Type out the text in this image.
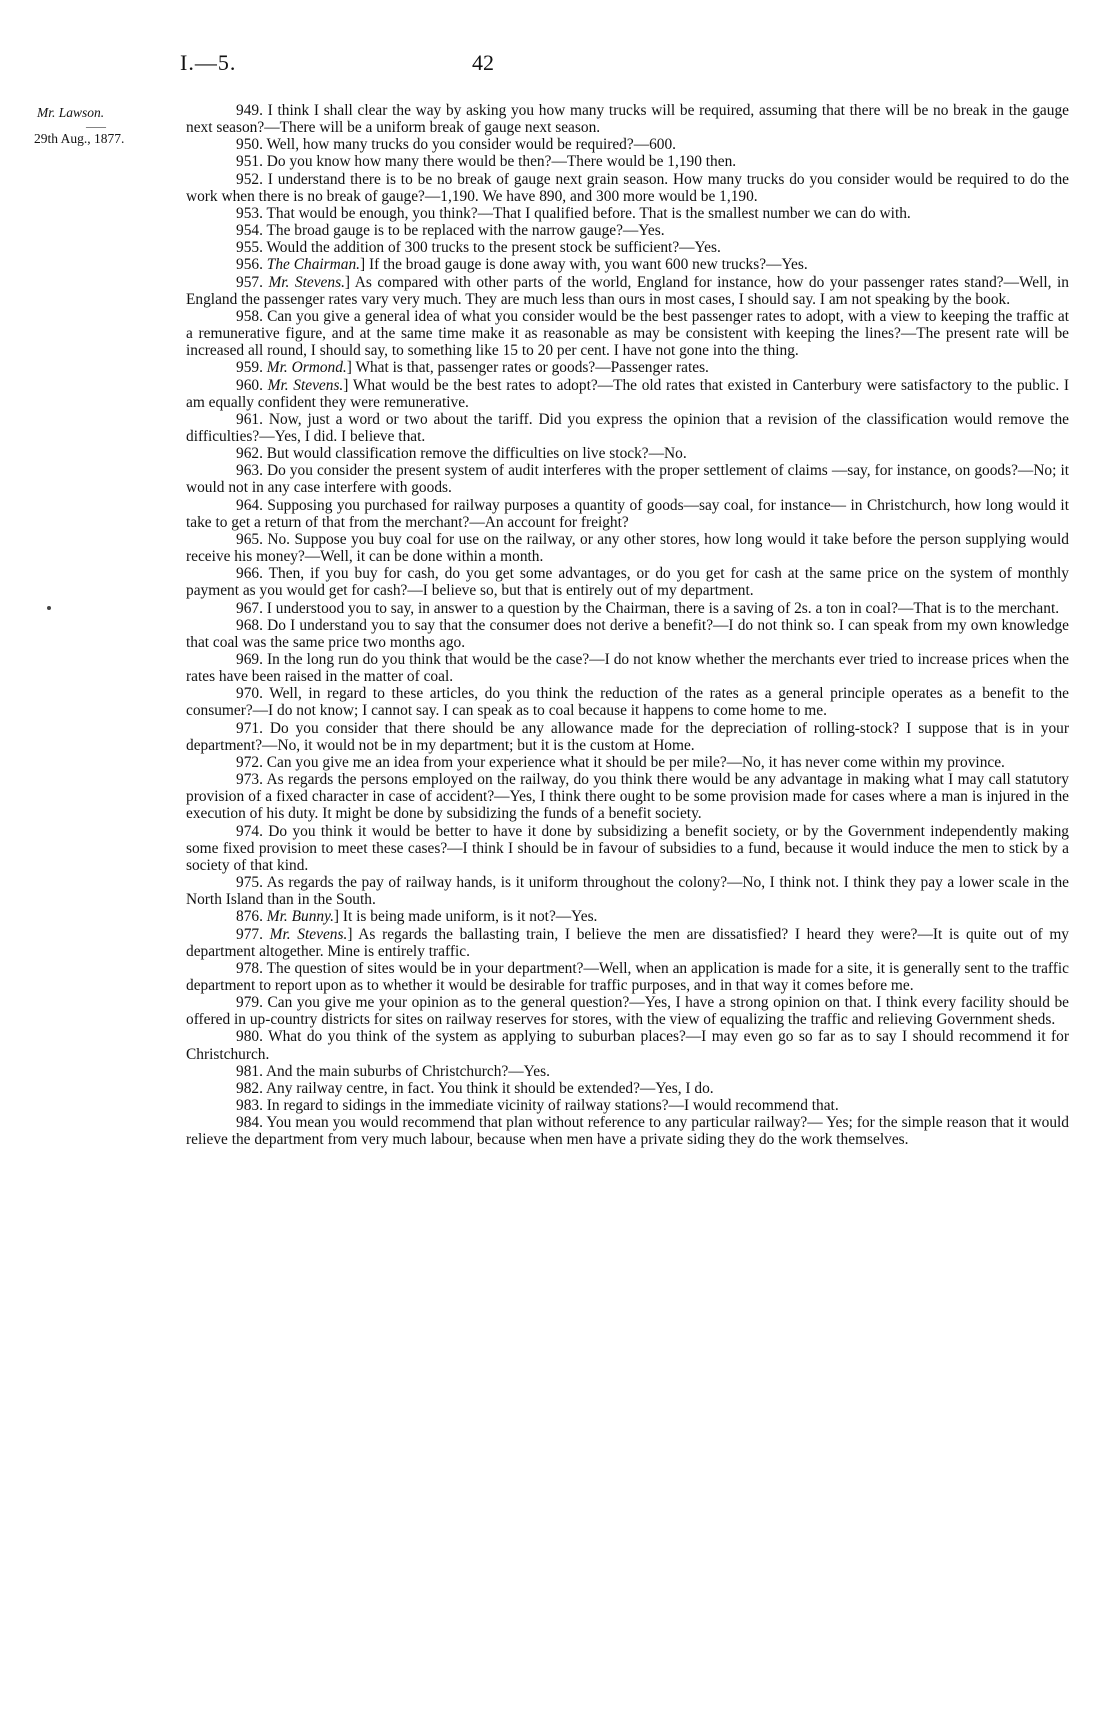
I.—5.	42
Mr. Lawson.
——
29th Aug., 1877.

949. I think I shall clear the way by asking you how many trucks will be required, assuming that there will be no break in the gauge next season?—There will be a uniform break of gauge next season.

950. Well, how many trucks do you consider would be required?—600.

951. Do you know how many there would be then?—There would be 1,190 then.

952. I understand there is to be no break of gauge next grain season. How many trucks do you consider would be required to do the work when there is no break of gauge?—1,190. We have 890, and 300 more would be 1,190.

953. That would be enough, you think?—That I qualified before. That is the smallest number we can do with.

954. The broad gauge is to be replaced with the narrow gauge?—Yes.

955. Would the addition of 300 trucks to the present stock be sufficient?—Yes.

956. The Chairman.] If the broad gauge is done away with, you want 600 new trucks?—Yes.

957. Mr. Stevens.] As compared with other parts of the world, England for instance, how do your passenger rates stand?—Well, in England the passenger rates vary very much. They are much less than ours in most cases, I should say. I am not speaking by the book.

958. Can you give a general idea of what you consider would be the best passenger rates to adopt, with a view to keeping the traffic at a remunerative figure, and at the same time make it as reasonable as may be consistent with keeping the lines?—The present rate will be increased all round, I should say, to something like 15 to 20 per cent. I have not gone into the thing.

959. Mr. Ormond.] What is that, passenger rates or goods?—Passenger rates.

960. Mr. Stevens.] What would be the best rates to adopt?—The old rates that existed in Canterbury were satisfactory to the public. I am equally confident they were remunerative.

961. Now, just a word or two about the tariff. Did you express the opinion that a revision of the classification would remove the difficulties?—Yes, I did. I believe that.

962. But would classification remove the difficulties on live stock?—No.

963. Do you consider the present system of audit interferes with the proper settlement of claims —say, for instance, on goods?—No; it would not in any case interfere with goods.

964. Supposing you purchased for railway purposes a quantity of goods—say coal, for instance— in Christchurch, how long would it take to get a return of that from the merchant?—An account for freight?

965. No. Suppose you buy coal for use on the railway, or any other stores, how long would it take before the person supplying would receive his money?—Well, it can be done within a month.

966. Then, if you buy for cash, do you get some advantages, or do you get for cash at the same price on the system of monthly payment as you would get for cash?—I believe so, but that is entirely out of my department.

967. I understood you to say, in answer to a question by the Chairman, there is a saving of 2s. a ton in coal?—That is to the merchant.

968. Do I understand you to say that the consumer does not derive a benefit?—I do not think so. I can speak from my own knowledge that coal was the same price two months ago.

969. In the long run do you think that would be the case?—I do not know whether the merchants ever tried to increase prices when the rates have been raised in the matter of coal.

970. Well, in regard to these articles, do you think the reduction of the rates as a general principle operates as a benefit to the consumer?—I do not know; I cannot say. I can speak as to coal because it happens to come home to me.

971. Do you consider that there should be any allowance made for the depreciation of rolling-stock? I suppose that is in your department?—No, it would not be in my department; but it is the custom at Home.

972. Can you give me an idea from your experience what it should be per mile?—No, it has never come within my province.

973. As regards the persons employed on the railway, do you think there would be any advantage in making what I may call statutory provision of a fixed character in case of accident?—Yes, I think there ought to be some provision made for cases where a man is injured in the execution of his duty. It might be done by subsidizing the funds of a benefit society.

974. Do you think it would be better to have it done by subsidizing a benefit society, or by the Government independently making some fixed provision to meet these cases?—I think I should be in favour of subsidies to a fund, because it would induce the men to stick by a society of that kind.

975. As regards the pay of railway hands, is it uniform throughout the colony?—No, I think not. I think they pay a lower scale in the North Island than in the South.

876. Mr. Bunny.] It is being made uniform, is it not?—Yes.

977. Mr. Stevens.] As regards the ballasting train, I believe the men are dissatisfied? I heard they were?—It is quite out of my department altogether. Mine is entirely traffic.

978. The question of sites would be in your department?—Well, when an application is made for a site, it is generally sent to the traffic department to report upon as to whether it would be desirable for traffic purposes, and in that way it comes before me.

979. Can you give me your opinion as to the general question?—Yes, I have a strong opinion on that. I think every facility should be offered in up-country districts for sites on railway reserves for stores, with the view of equalizing the traffic and relieving Government sheds.

980. What do you think of the system as applying to suburban places?—I may even go so far as to say I should recommend it for Christchurch.

981. And the main suburbs of Christchurch?—Yes.

982. Any railway centre, in fact. You think it should be extended?—Yes, I do.

983. In regard to sidings in the immediate vicinity of railway stations?—I would recommend that.

984. You mean you would recommend that plan without reference to any particular railway?— Yes; for the simple reason that it would relieve the department from very much labour, because when men have a private siding they do the work themselves.
